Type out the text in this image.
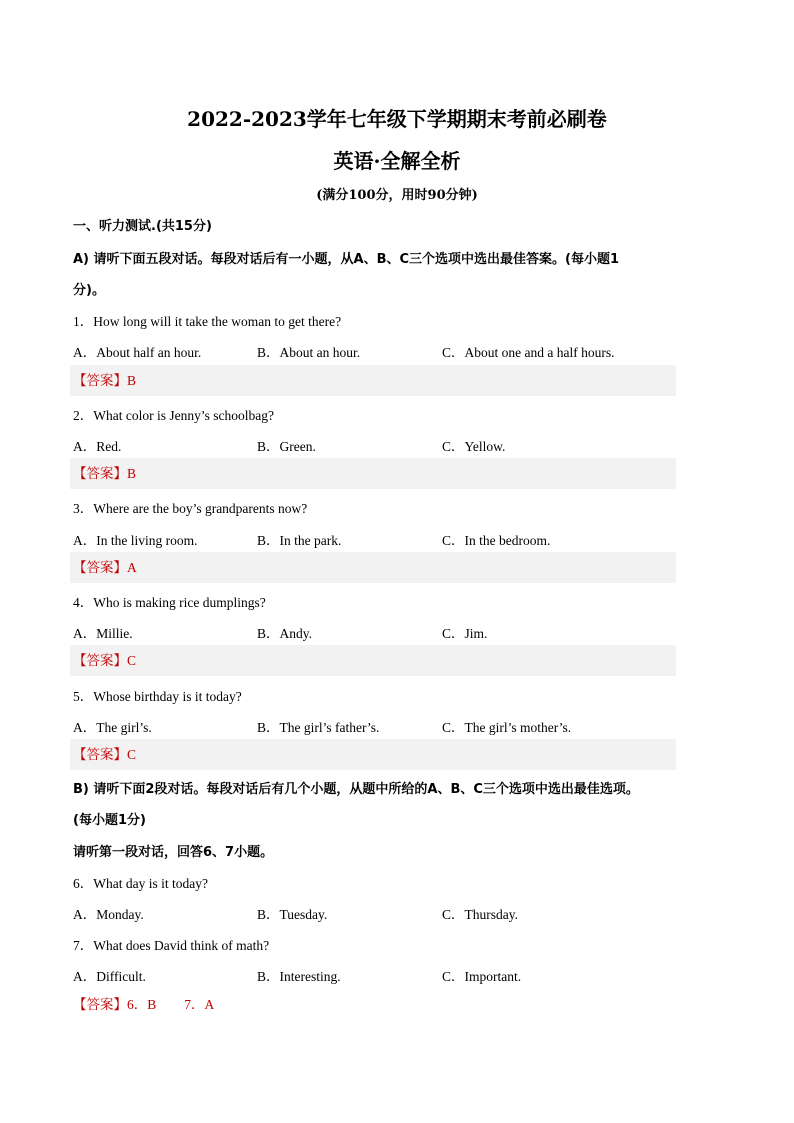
2022-2023学年七年级下学期期末考前必刷卷
英语·全解全析
(满分100分，用时90分钟)
一、听力测试.(共15分)
A) 请听下面五段对话。每段对话后有一小题，从A、B、C三个选项中选出最佳答案。(每小题1
分)。
1．How long will it take the woman to get there?
A．About half an hour.	B．About an hour.	C．About one and a half hours.
【答案】B
2．What color is Jenny’s schoolbag?
A．Red.	B．Green.	C．Yellow.
【答案】B
3．Where are the boy’s grandparents now?
A．In the living room.	B．In the park.	C．In the bedroom.
【答案】A
4．Who is making rice dumplings?
A．Millie.	B．Andy.	C．Jim.
【答案】C
5．Whose birthday is it today?
A．The girl’s.	B．The girl’s father’s.	C．The girl’s mother’s.
【答案】C
B) 请听下面2段对话。每段对话后有几个小题，从题中所给的A、B、C三个选项中选出最佳选项。
(每小题1分)
请听第一段对话，回答6、7小题。
6．What day is it today?
A．Monday.	B．Tuesday.	C．Thursday.
7．What does David think of math?
A．Difficult.	B．Interesting.	C．Important.
【答案】6．B 7．A
